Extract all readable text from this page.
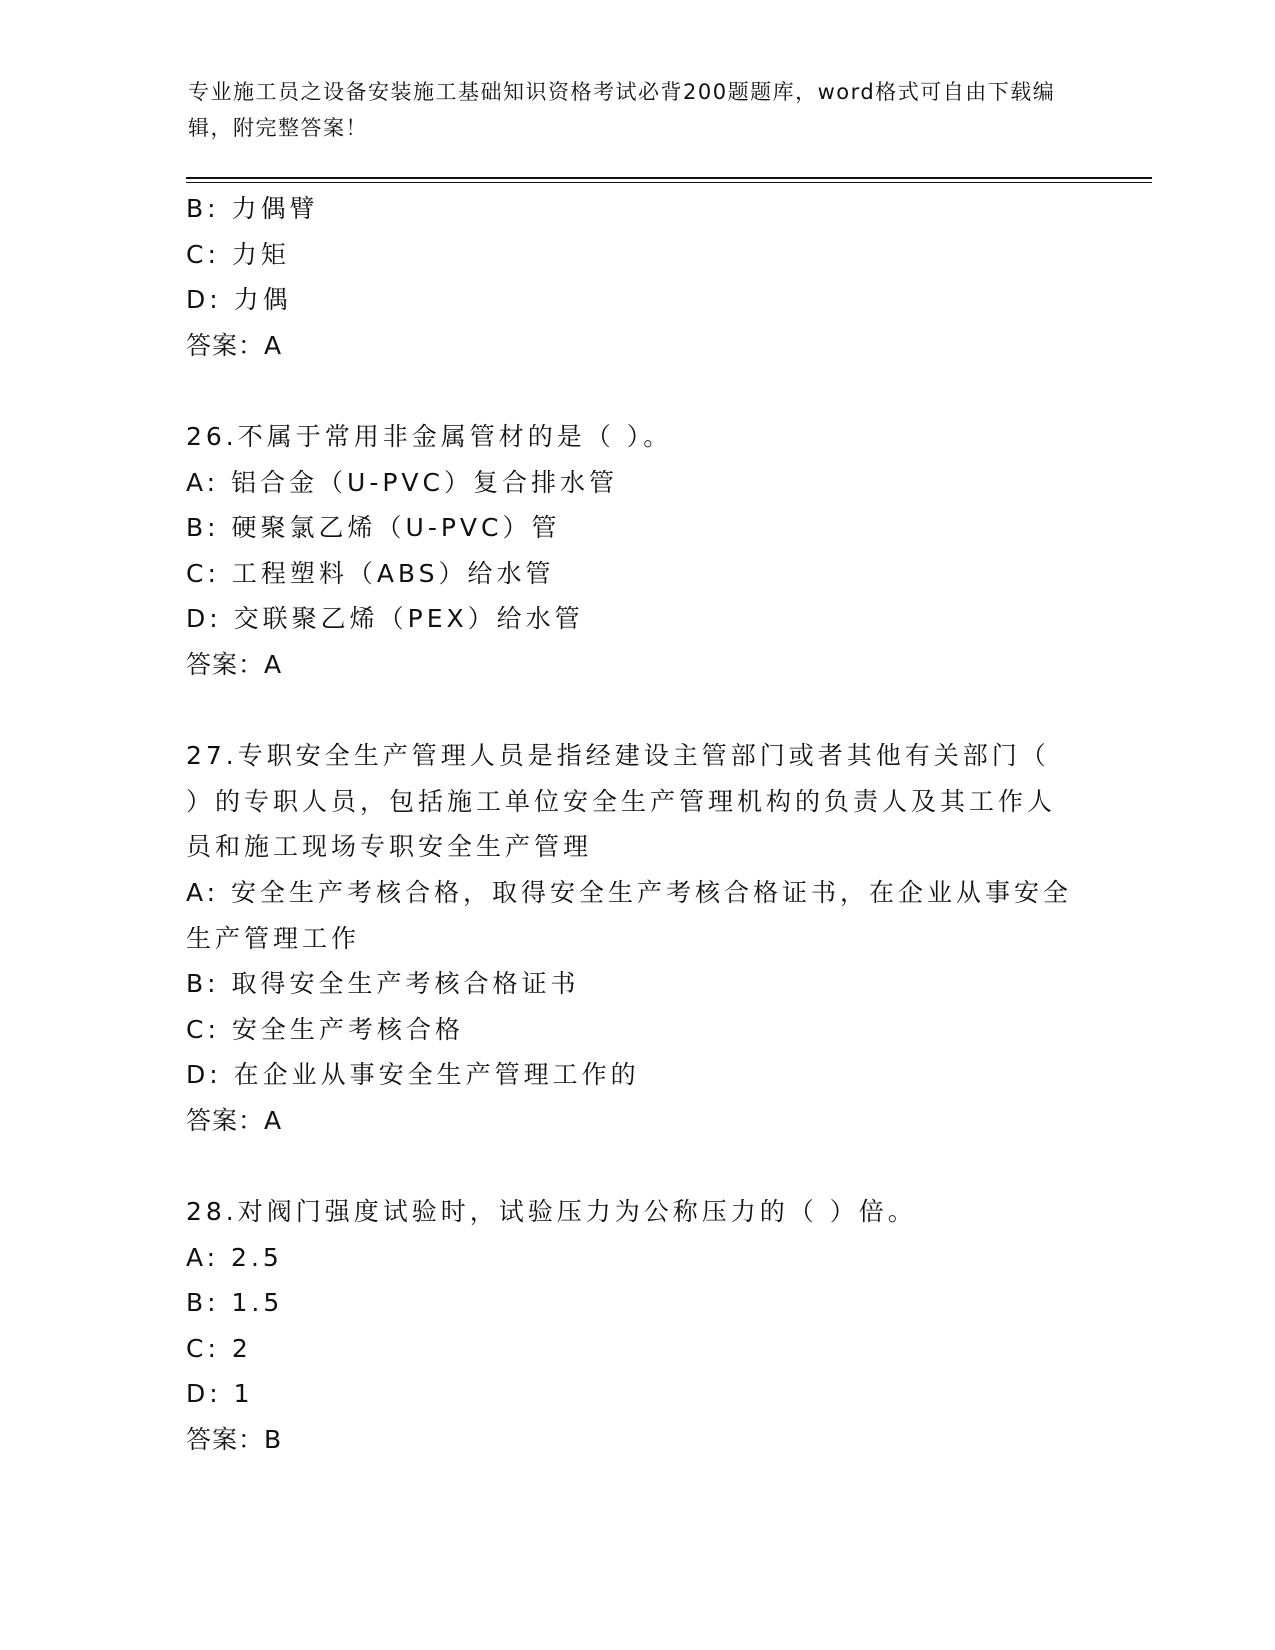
专业施工员之设备安装施工基础知识资格考试必背200题题库，word格式可自由下载编辑，附完整答案！
B: 力偶臂
C: 力矩
D: 力偶
答案：A
26.不属于常用非金属管材的是（ ）。
A: 铝合金（U-PVC）复合排水管
B: 硬聚氯乙烯（U-PVC）管
C: 工程塑料（ABS）给水管
D: 交联聚乙烯（PEX）给水管
答案：A
27.专职安全生产管理人员是指经建设主管部门或者其他有关部门（
）的专职人员，包括施工单位安全生产管理机构的负责人及其工作人
员和施工现场专职安全生产管理
A: 安全生产考核合格，取得安全生产考核合格证书，在企业从事安全
生产管理工作
B: 取得安全生产考核合格证书
C: 安全生产考核合格
D: 在企业从事安全生产管理工作的
答案：A
28.对阀门强度试验时，试验压力为公称压力的（ ）倍。
A: 2.5
B: 1.5
C: 2
D: 1
答案：B
